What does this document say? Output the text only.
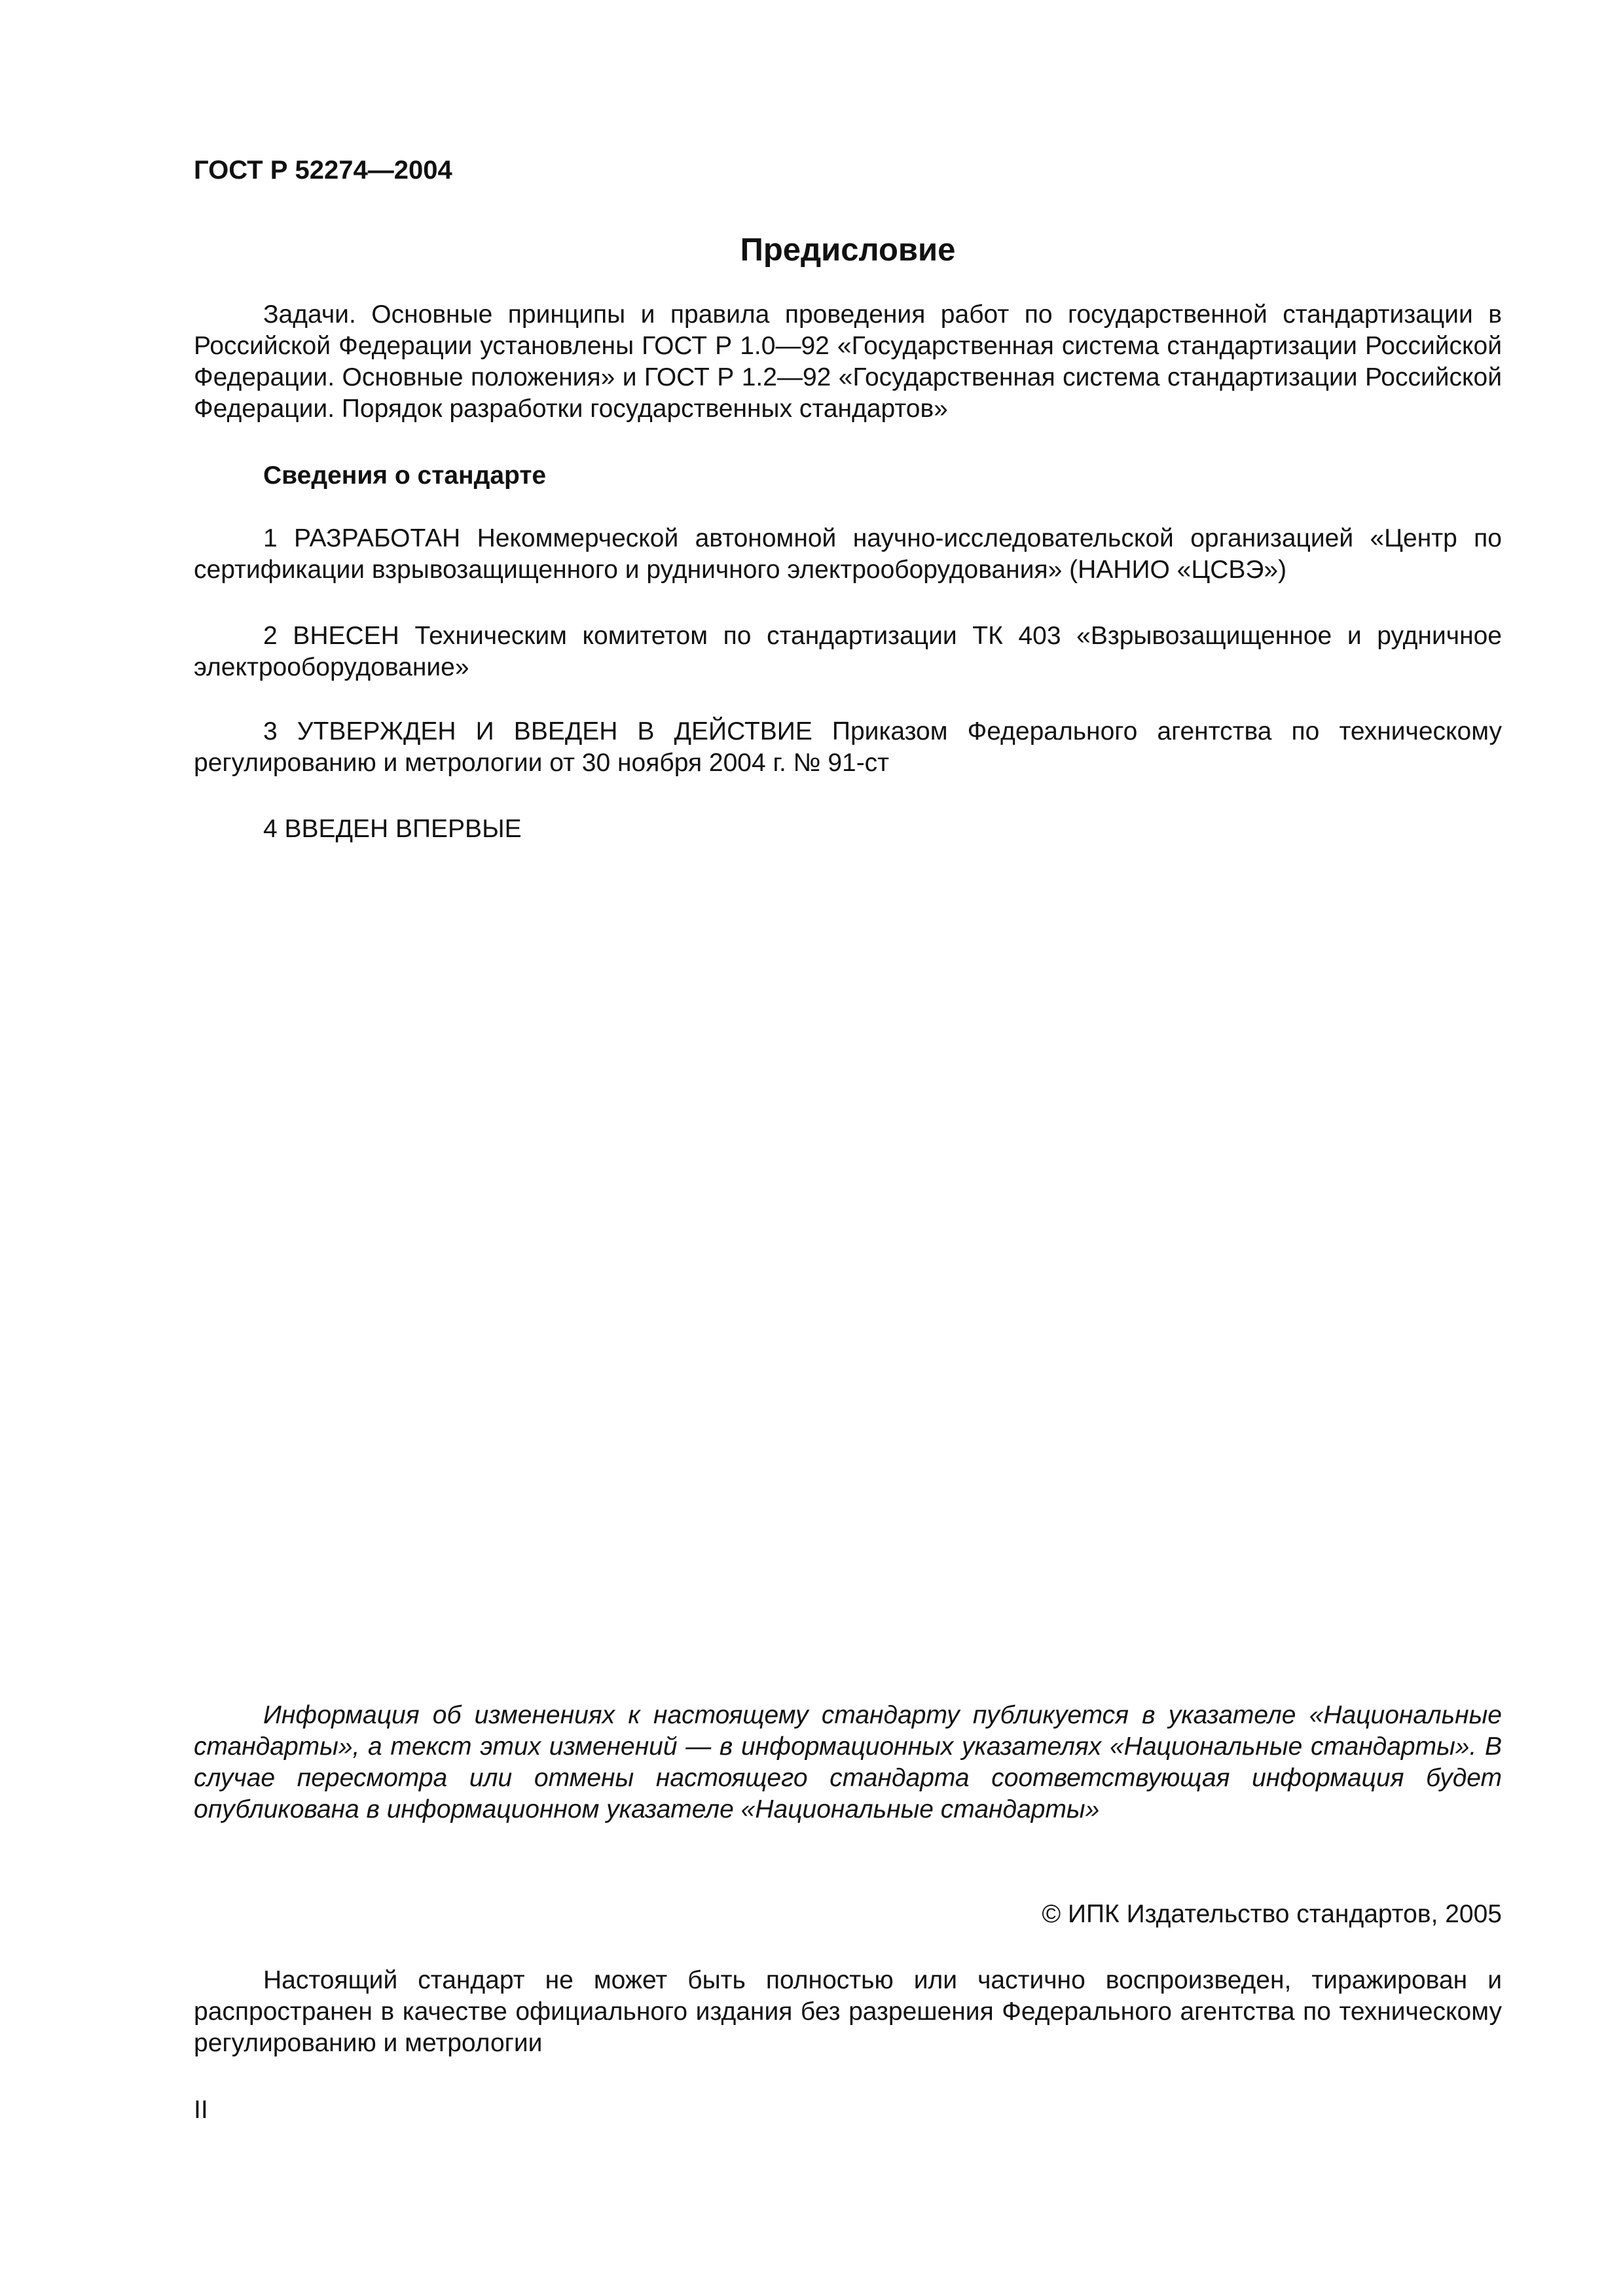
ГОСТ Р 52274—2004

Предисловие

Задачи. Основные принципы и правила проведения работ по государственной стандартизации в Российской Федерации установлены ГОСТ Р 1.0—92 «Государственная система стандартизации Российской Федерации. Основные положения» и ГОСТ Р 1.2—92 «Государственная система стандартизации Российской Федерации. Порядок разработки государственных стандартов»

Сведения о стандарте

1 РАЗРАБОТАН Некоммерческой автономной научно-исследовательской организацией «Центр по сертификации взрывозащищенного и рудничного электрооборудования» (НАНИО «ЦСВЭ»)

2 ВНЕСЕН Техническим комитетом по стандартизации ТК 403 «Взрывозащищенное и рудничное электрооборудование»

3 УТВЕРЖДЕН И ВВЕДЕН В ДЕЙСТВИЕ Приказом Федерального агентства по техническому регулированию и метрологии от 30 ноября 2004 г. № 91-ст

4 ВВЕДЕН ВПЕРВЫЕ

Информация об изменениях к настоящему стандарту публикуется в указателе «Национальные стандарты», а текст этих изменений — в информационных указателях «Национальные стандарты». В случае пересмотра или отмены настоящего стандарта соответствующая информация будет опубликована в информационном указателе «Национальные стандарты»

© ИПК Издательство стандартов, 2005

Настоящий стандарт не может быть полностью или частично воспроизведен, тиражирован и распространен в качестве официального издания без разрешения Федерального агентства по техническому регулированию и метрологии

II
